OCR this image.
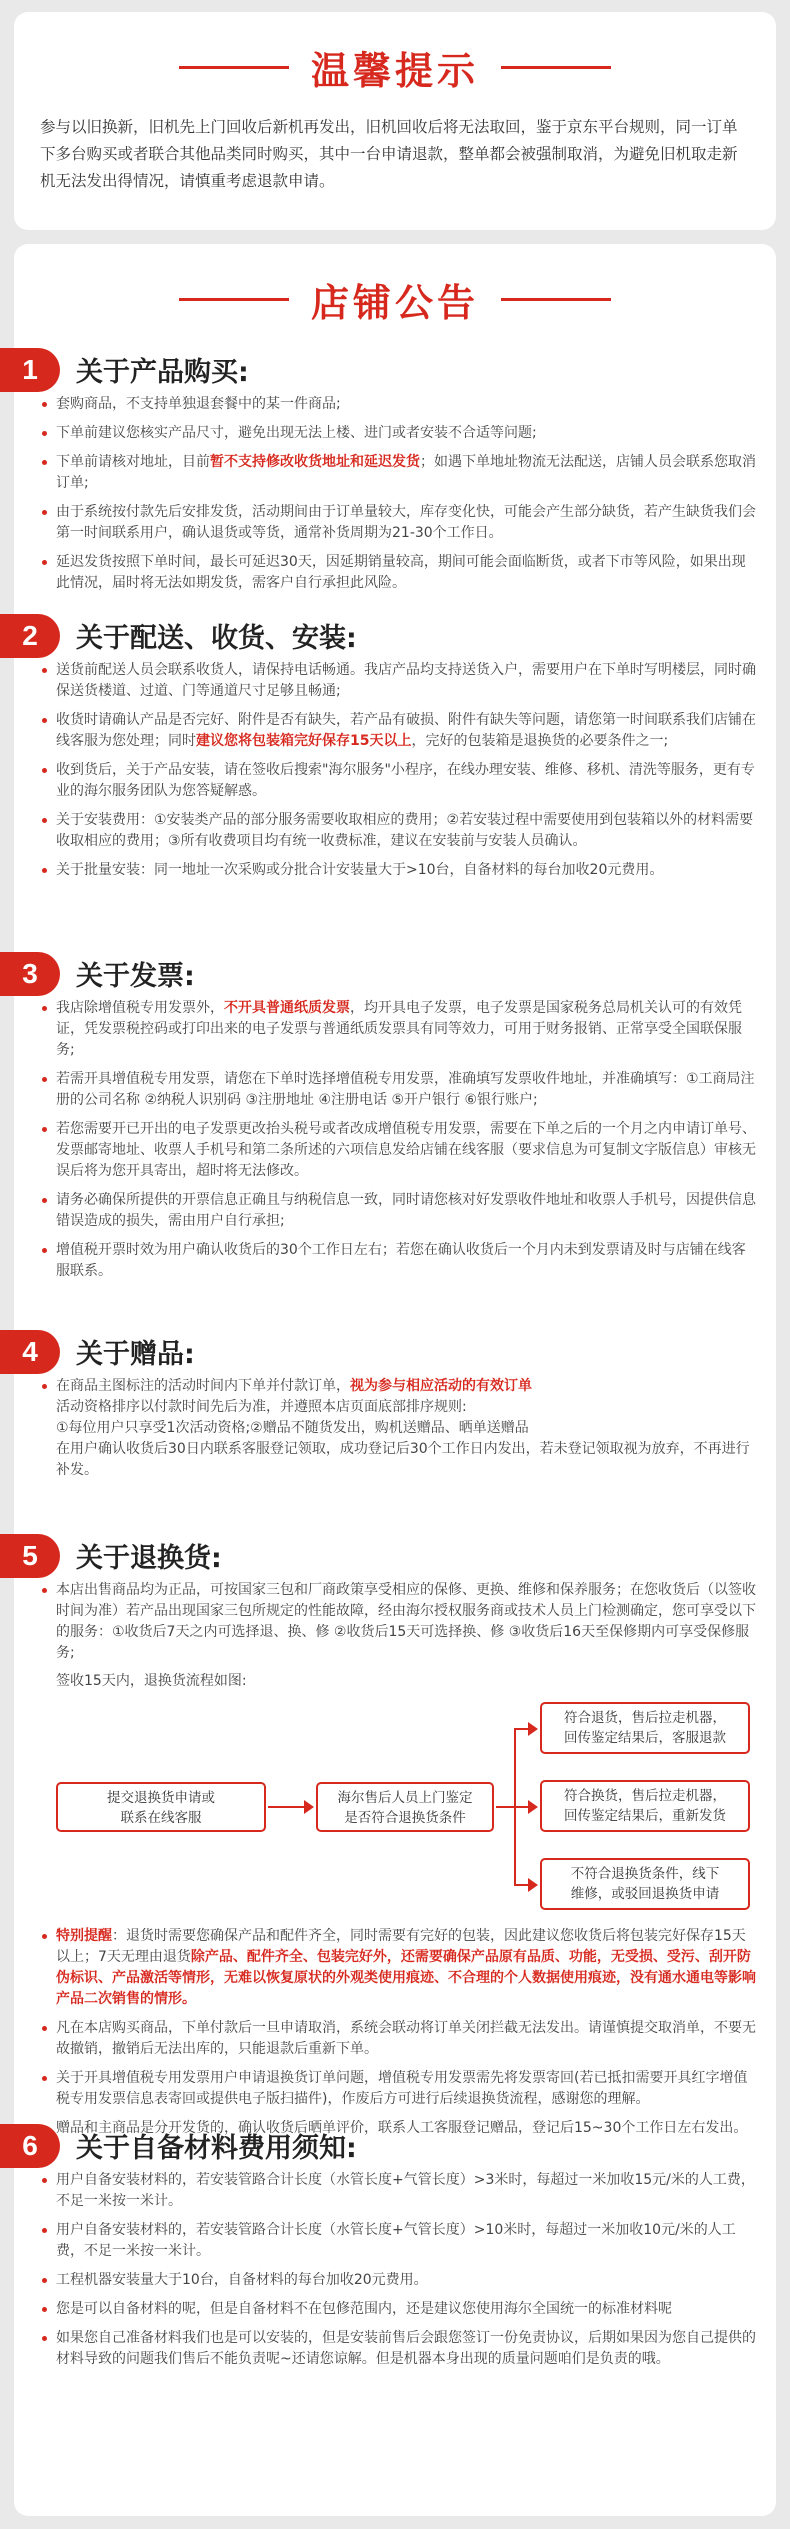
温馨提示
参与以旧换新，旧机先上门回收后新机再发出，旧机回收后将无法取回，鉴于京东平台规则，同一订单下多台购买或者联合其他品类同时购买，其中一台申请退款，整单都会被强制取消，为避免旧机取走新机无法发出得情况，请慎重考虑退款申请。
店铺公告
1	关于产品购买:
套购商品，不支持单独退套餐中的某一件商品;
下单前建议您核实产品尺寸，避免出现无法上楼、进门或者安装不合适等问题;
下单前请核对地址，目前暂不支持修改收货地址和延迟发货；如遇下单地址物流无法配送，店铺人员会联系您取消订单;
由于系统按付款先后安排发货，活动期间由于订单量较大，库存变化快，可能会产生部分缺货，若产生缺货我们会第一时间联系用户，确认退货或等货，通常补货周期为21-30个工作日。
延迟发货按照下单时间，最长可延迟30天，因延期销量较高，期间可能会面临断货，或者下市等风险，如果出现此情况，届时将无法如期发货，需客户自行承担此风险。
2	关于配送、收货、安装:
送货前配送人员会联系收货人，请保持电话畅通。我店产品均支持送货入户，需要用户在下单时写明楼层，同时确保送货楼道、过道、门等通道尺寸足够且畅通;
收货时请确认产品是否完好、附件是否有缺失，若产品有破损、附件有缺失等问题，请您第一时间联系我们店铺在线客服为您处理；同时建议您将包装箱完好保存15天以上，完好的包装箱是退换货的必要条件之一;
收到货后，关于产品安装，请在签收后搜索"海尔服务"小程序，在线办理安装、维修、移机、清洗等服务，更有专业的海尔服务团队为您答疑解惑。
关于安装费用：①安装类产品的部分服务需要收取相应的费用；②若安装过程中需要使用到包装箱以外的材料需要收取相应的费用；③所有收费项目均有统一收费标准，建议在安装前与安装人员确认。
关于批量安装：同一地址一次采购或分批合计安装量大于>10台，自备材料的每台加收20元费用。
3	关于发票:
我店除增值税专用发票外，不开具普通纸质发票，均开具电子发票，电子发票是国家税务总局机关认可的有效凭证，凭发票税控码或打印出来的电子发票与普通纸质发票具有同等效力，可用于财务报销、正常享受全国联保服务;
若需开具增值税专用发票，请您在下单时选择增值税专用发票，准确填写发票收件地址，并准确填写：①工商局注册的公司名称 ②纳税人识别码 ③注册地址 ④注册电话 ⑤开户银行 ⑥银行账户;
若您需要开已开出的电子发票更改抬头税号或者改成增值税专用发票，需要在下单之后的一个月之内申请订单号、发票邮寄地址、收票人手机号和第二条所述的六项信息发给店铺在线客服（要求信息为可复制文字版信息）审核无误后将为您开具寄出，超时将无法修改。
请务必确保所提供的开票信息正确且与纳税信息一致，同时请您核对好发票收件地址和收票人手机号，因提供信息错误造成的损失，需由用户自行承担;
增值税开票时效为用户确认收货后的30个工作日左右；若您在确认收货后一个月内未到发票请及时与店铺在线客服联系。
4	关于赠品:
在商品主图标注的活动时间内下单并付款订单，视为参与相应活动的有效订单
活动资格排序以付款时间先后为准，并遵照本店页面底部排序规则:
①每位用户只享受1次活动资格;②赠品不随货发出，购机送赠品、晒单送赠品
在用户确认收货后30日内联系客服登记领取，成功登记后30个工作日内发出，若未登记领取视为放弃，不再进行补发。
5	关于退换货:
本店出售商品均为正品，可按国家三包和厂商政策享受相应的保修、更换、维修和保养服务；在您收货后（以签收时间为准）若产品出现国家三包所规定的性能故障，经由海尔授权服务商或技术人员上门检测确定，您可享受以下的服务：①收货后7天之内可选择退、换、修 ②收货后15天可选择换、修 ③收货后16天至保修期内可享受保修服务;
签收15天内，退换货流程如图:
提交退换货申请或
联系在线客服
海尔售后人员上门鉴定
是否符合退换货条件
符合退货，售后拉走机器，
回传鉴定结果后，客服退款
符合换货，售后拉走机器，
回传鉴定结果后，重新发货
不符合退换货条件，线下
维修，或驳回退换货申请
特别提醒：退货时需要您确保产品和配件齐全，同时需要有完好的包装，因此建议您收货后将包装完好保存15天以上；7天无理由退货除产品、配件齐全、包装完好外，还需要确保产品原有品质、功能，无受损、受污、刮开防伪标识、产品激活等情形，无难以恢复原状的外观类使用痕迹、不合理的个人数据使用痕迹，没有通水通电等影响产品二次销售的情形。
凡在本店购买商品，下单付款后一旦申请取消，系统会联动将订单关闭拦截无法发出。请谨慎提交取消单，不要无故撤销，撤销后无法出库的，只能退款后重新下单。
关于开具增值税专用发票用户申请退换货订单问题，增值税专用发票需先将发票寄回(若已抵扣需要开具红字增值税专用发票信息表寄回或提供电子版扫描件)，作废后方可进行后续退换货流程，感谢您的理解。
赠品和主商品是分开发货的，确认收货后晒单评价，联系人工客服登记赠品，登记后15~30个工作日左右发出。
6	关于自备材料费用须知:
用户自备安装材料的，若安装管路合计长度（水管长度+气管长度）>3米时，每超过一米加收15元/米的人工费，不足一米按一米计。
用户自备安装材料的，若安装管路合计长度（水管长度+气管长度）>10米时，每超过一米加收10元/米的人工费，不足一米按一米计。
工程机器安装量大于10台，自备材料的每台加收20元费用。
您是可以自备材料的呢，但是自备材料不在包修范围内，还是建议您使用海尔全国统一的标准材料呢
如果您自己准备材料我们也是可以安装的，但是安装前售后会跟您签订一份免责协议，后期如果因为您自己提供的材料导致的问题我们售后不能负责呢~还请您谅解。但是机器本身出现的质量问题咱们是负责的哦。
